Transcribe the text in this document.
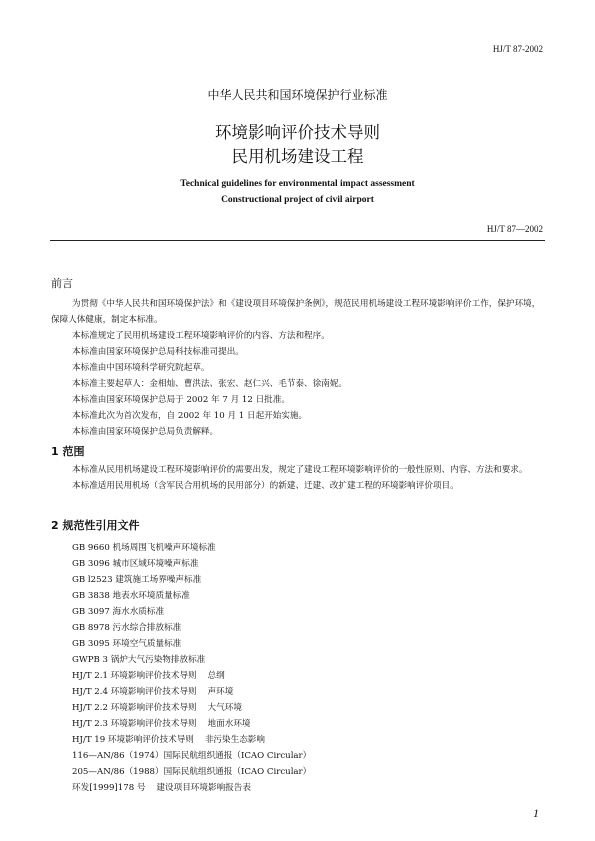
HJ/T 87-2002
中华人民共和国环境保护行业标准
环境影响评价技术导则
民用机场建设工程
Technical guidelines for environmental impact assessment
Constructional project of civil airport
HJ/T 87—2002
前言

为贯彻《中华人民共和国环境保护法》和《建设项目环境保护条例》，规范民用机场建设工程环境影响评价工作，保护环境，保障人体健康，制定本标准。

本标准规定了民用机场建设工程环境影响评价的内容、方法和程序。

本标准由国家环境保护总局科技标准司提出。

本标准由中国环境科学研究院起草。

本标准主要起草人：金相灿、曹洪法、张宏、赵仁兴、毛节泰、徐南妮。

本标准由国家环境保护总局于 2002 年 7 月 12 日批准。

本标准此次为首次发布，自 2002 年 10 月 1 日起开始实施。

本标准由国家环境保护总局负责解释。

1 范围

本标准从民用机场建设工程环境影响评价的需要出发，规定了建设工程环境影响评价的一般性原则、内容、方法和要求。

本标准适用民用机场（含军民合用机场的民用部分）的新建、迁建、改扩建工程的环境影响评价项目。

2 规范性引用文件
GB 9660 机场周围飞机噪声环境标准
GB 3096 城市区域环境噪声标准
GB l2523 建筑施工场界噪声标准
GB 3838 地表水环境质量标准
GB 3097 海水水质标准
GB 8978 污水综合排放标准
GB 3095 环境空气质量标准
GWPB 3 锅炉大气污染物排放标准
HJ/T 2.1 环境影响评价技术导则    总纲
HJ/T 2.4 环境影响评价技术导则    声环境
HJ/T 2.2 环境影响评价技术导则    大气环境
HJ/T 2.3 环境影响评价技术导则    地面水环境
HJ/T 19 环境影响评价技术导则    非污染生态影响
116—AN/86（1974）国际民航组织通报（ICAO Circular）
205—AN/86（1988）国际民航组织通报（ICAO Circular）
环发[1999]178 号    建设项目环境影响报告表
1
